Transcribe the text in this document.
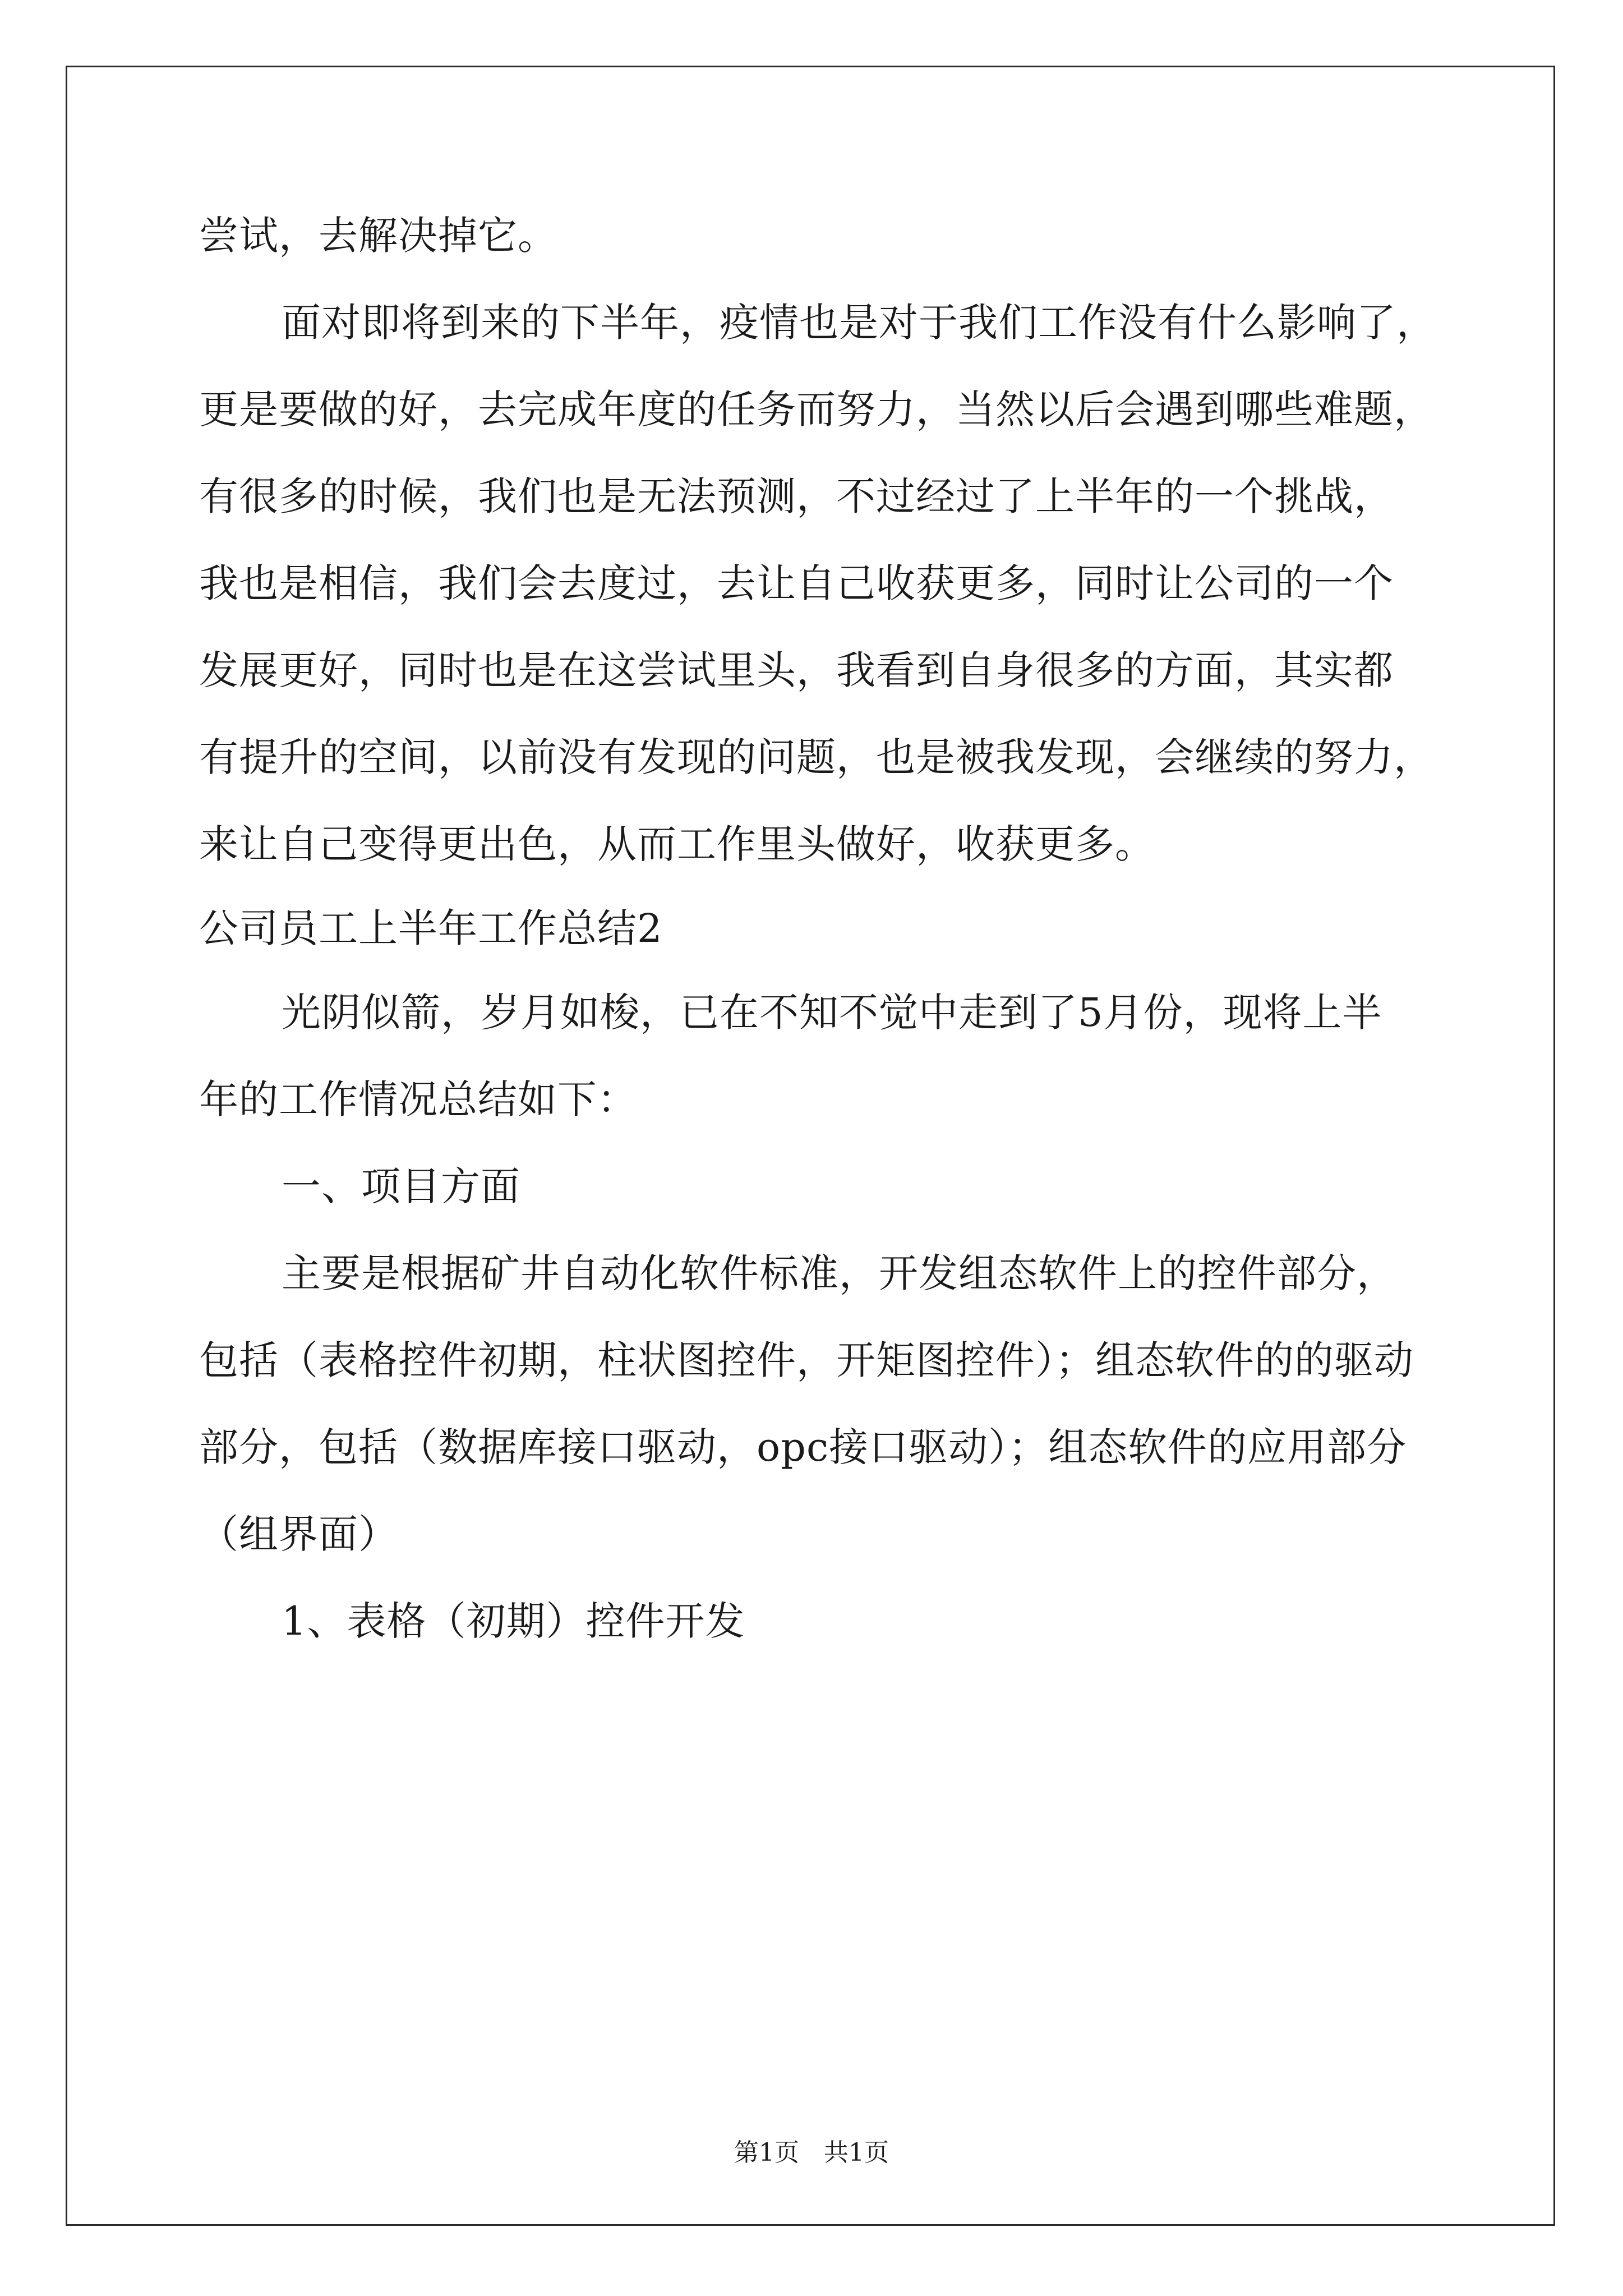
尝试，去解决掉它。
面对即将到来的下半年，疫情也是对于我们工作没有什么影响了，
更是要做的好，去完成年度的任务而努力，当然以后会遇到哪些难题，
有很多的时候，我们也是无法预测，不过经过了上半年的一个挑战，
我也是相信，我们会去度过，去让自己收获更多，同时让公司的一个
发展更好，同时也是在这尝试里头，我看到自身很多的方面，其实都
有提升的空间，以前没有发现的问题，也是被我发现，会继续的努力，
来让自己变得更出色，从而工作里头做好，收获更多。
公司员工上半年工作总结2
光阴似箭，岁月如梭，已在不知不觉中走到了5月份，现将上半
年的工作情况总结如下：
一、项目方面
主要是根据矿井自动化软件标准，开发组态软件上的控件部分，
包括（表格控件初期，柱状图控件，开矩图控件）；组态软件的的驱动
部分，包括（数据库接口驱动，opc接口驱动）；组态软件的应用部分
（组界面）
1、表格（初期）控件开发
第1页　共1页
